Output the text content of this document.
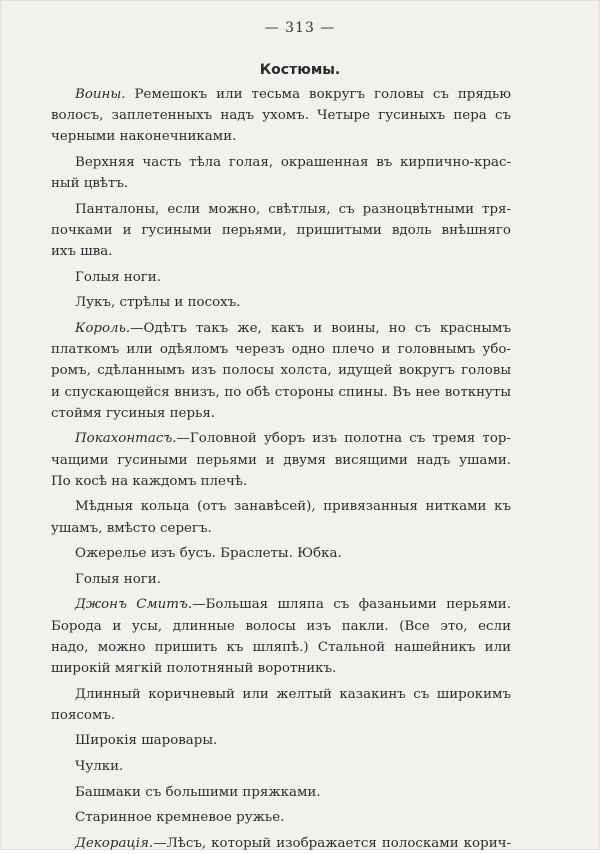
— 313 —
Костюмы.
Воины. Ремешокъ или тесьма вокругъ головы съ прядью
волосъ, заплетенныхъ надъ ухомъ. Четыре гусиныхъ пера съ
черными наконечниками.
Верхняя часть тѣла голая, окрашенная въ кирпично-крас-
ный цвѣтъ.
Панталоны, если можно, свѣтлыя, съ разноцвѣтными тря-
почками и гусиными перьями, пришитыми вдоль внѣшняго
ихъ шва.
Голыя ноги.
Лукъ, стрѣлы и посохъ.
Король.—Одѣтъ такъ же, какъ и воины, но съ краснымъ
платкомъ или одѣяломъ черезъ одно плечо и головнымъ убо-
ромъ, сдѣланнымъ изъ полосы холста, идущей вокругъ головы
и спускающейся внизъ, по обѣ стороны спины. Въ нее воткнуты
стоймя гусиныя перья.
Покахонтасъ.—Головной уборъ изъ полотна съ тремя тор-
чащими гусиными перьями и двумя висящими надъ ушами.
По косѣ на каждомъ плечѣ.
Мѣдныя кольца (отъ занавѣсей), привязанныя нитками къ
ушамъ, вмѣсто серегъ.
Ожерелье изъ бусъ. Браслеты. Юбка.
Голыя ноги.
Джонъ Смитъ.—Большая шляпа съ фазаньими перьями.
Борода и усы, длинные волосы изъ пакли. (Все это, если
надо, можно пришить къ шляпѣ.) Стальной нашейникъ или
широкій мягкій полотняный воротникъ.
Длинный коричневый или желтый казакинъ съ широкимъ
поясомъ.
Широкія шаровары.
Чулки.
Башмаки съ большими пряжками.
Старинное кремневое ружье.
Декорація.—Лѣсъ, который изображается полосками корич-
